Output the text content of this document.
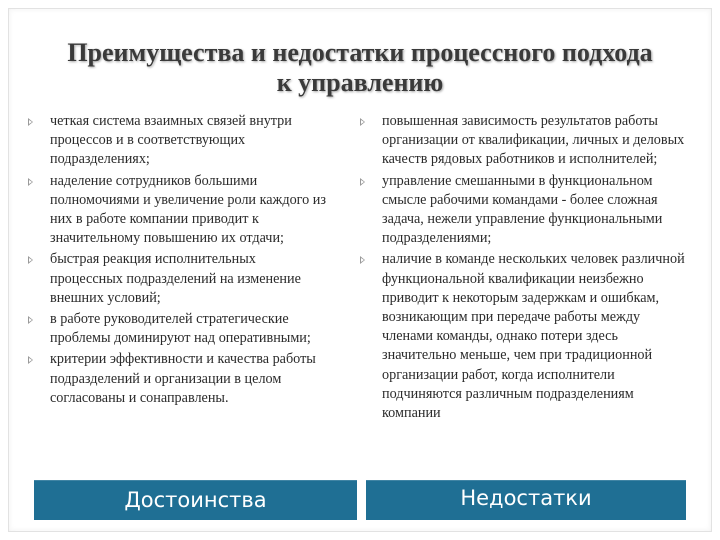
Преимущества и недостатки процессного подхода
к управлению
четкая система взаимных связей внутри процессов и в соответствующих подразделениях;
наделение сотрудников большими полномочиями и увеличение роли каждого из них в работе компании приводит к значительному повышению их отдачи;
быстрая реакция исполнительных процессных подразделений на изменение внешних условий;
в работе руководителей стратегические проблемы доминируют над оперативными;
критерии эффективности и качества работы подразделений и организации в целом согласованы и сонаправлены.
повышенная зависимость результатов работы организации от квалификации, личных и деловых качеств рядовых работников и исполнителей;
управление смешанными в функциональном смысле рабочими командами - более сложная задача, нежели управление функциональными подразделениями;
наличие в команде нескольких человек различной функциональной квалификации неизбежно приводит к некоторым задержкам и ошибкам, возникающим при передаче работы между членами команды, однако потери здесь значительно меньше, чем при традиционной организации работ, когда исполнители подчиняются различным подразделениям компании
Достоинства	Недостатки
